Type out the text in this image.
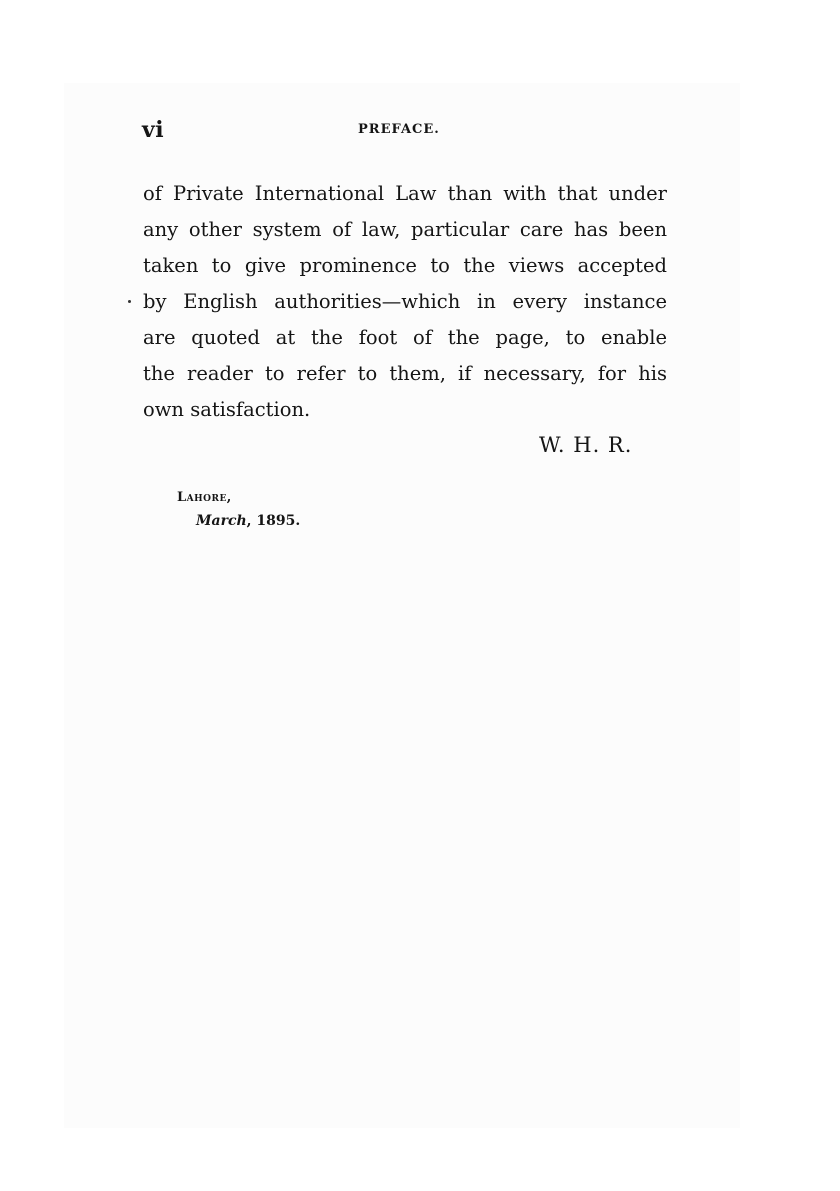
vi	PREFACE.

of Private International Law than with that under
any other system of law, particular care has been
taken to give prominence to the views accepted
by English authorities—which in every instance
are quoted at the foot of the page, to enable
the reader to refer to them, if necessary, for his
own satisfaction.

W. H. R.
Lahore,
March, 1895.
